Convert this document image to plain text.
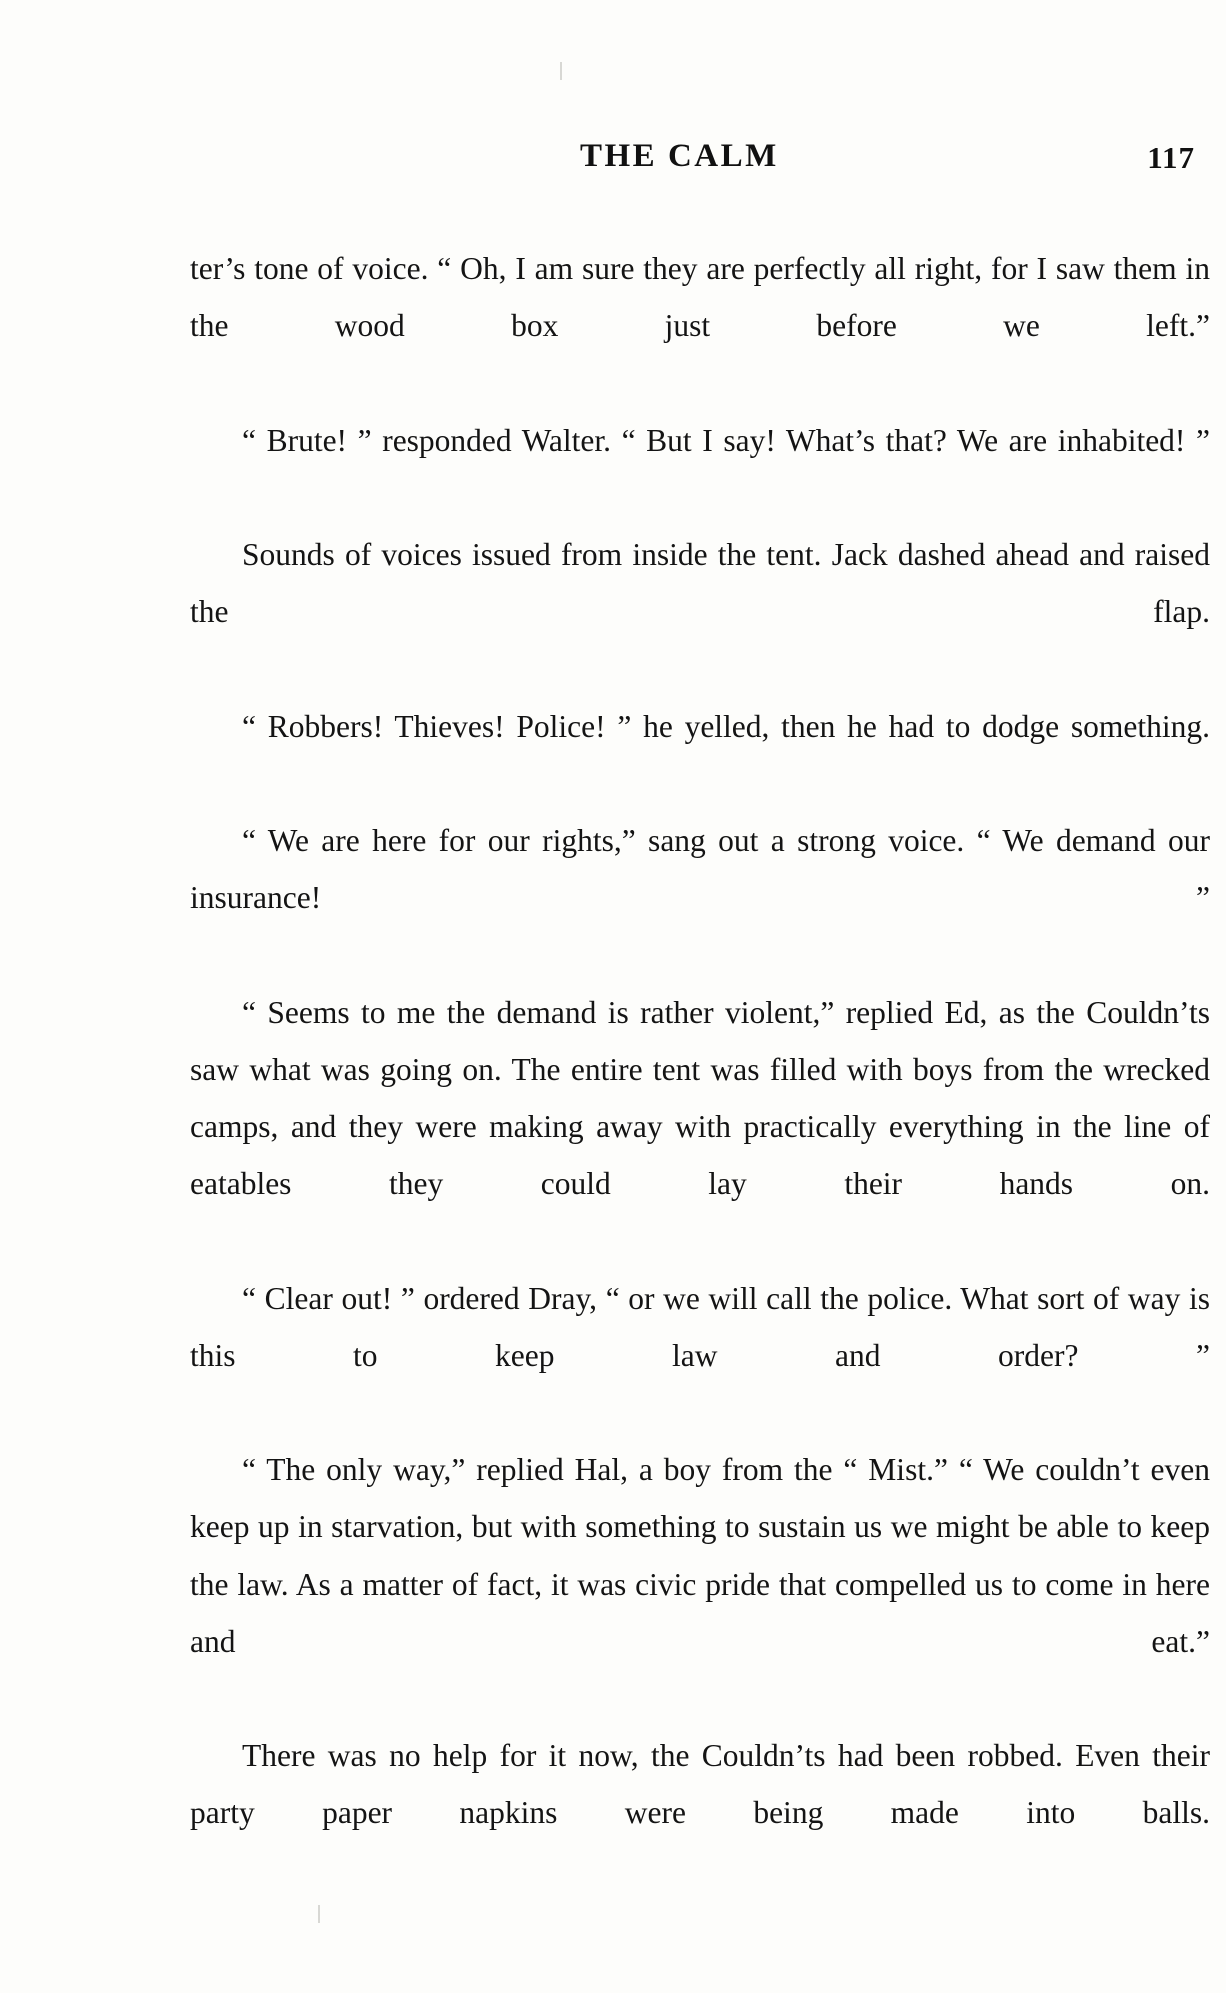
THE CALM	117

ter’s tone of voice. “ Oh, I am sure they are perfectly all right, for I saw them in the wood box just before we left.”

“ Brute! ” responded Walter. “ But I say! What’s that? We are inhabited! ”

Sounds of voices issued from inside the tent. Jack dashed ahead and raised the flap.

“ Robbers! Thieves! Police! ” he yelled, then he had to dodge something.

“ We are here for our rights,” sang out a strong voice. “ We demand our insurance! ”

“ Seems to me the demand is rather violent,” replied Ed, as the Couldn’ts saw what was going on. The entire tent was filled with boys from the wrecked camps, and they were making away with practically everything in the line of eatables they could lay their hands on.

“ Clear out! ” ordered Dray, “ or we will call the police. What sort of way is this to keep law and order? ”

“ The only way,” replied Hal, a boy from the “ Mist.” “ We couldn’t even keep up in starvation, but with something to sustain us we might be able to keep the law. As a matter of fact, it was civic pride that compelled us to come in here and eat.”

There was no help for it now, the Couldn’ts had been robbed. Even their party paper napkins were being made into balls.
